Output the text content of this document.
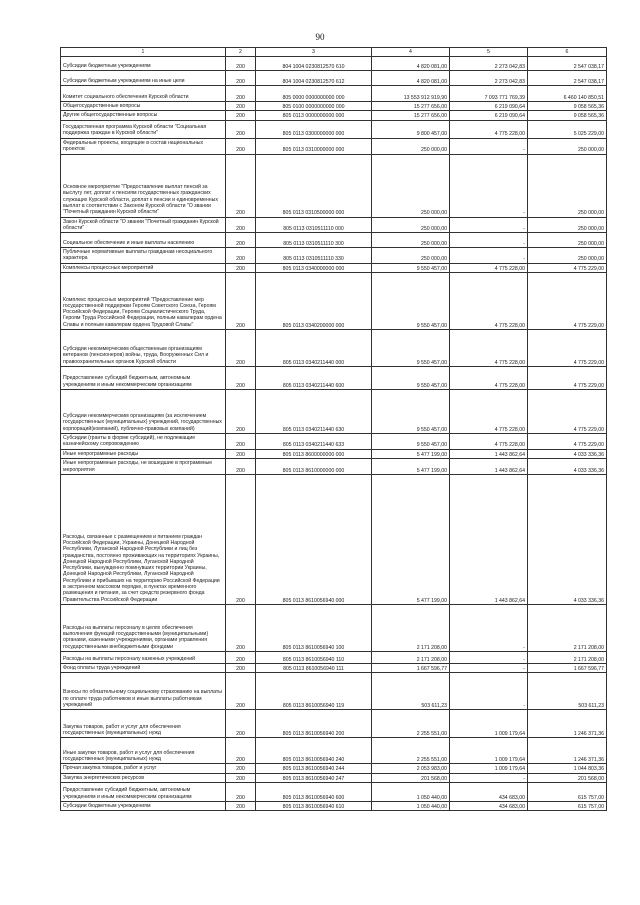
90
1	2	3	4	5	6
Субсидии бюджетным учреждениям	200	804 1004 0230812570 610	4 820 081,00	2 273 042,83	2 547 038,17
Субсидии бюджетным учреждениям на иные цели	200	804 1004 0230812570 612	4 820 081,00	2 273 042,83	2 547 038,17
Комитет социального обеспечения Курской области	200	805 0000 0000000000 000	13 553 912 919,90	7 093 771 769,39	6 460 140 850,51
Общегосударственные вопросы	200	805 0100 0000000000 000	15 277 656,00	6 219 090,64	9 058 565,36
Другие общегосударственные вопросы	200	805 0113 0000000000 000	15 277 656,00	6 219 090,64	9 058 565,36
Государственная программа Курской области "Социальная поддержка граждан в Курской области"	200	805 0113 0300000000 000	9 800 457,00	4 775 228,00	5 025 229,00
Федеральные проекты, входящие в состав национальных проектов	200	805 0113 0310000000 000	250 000,00	-	250 000,00
Основное мероприятие "Предоставление выплат пенсий за выслугу лет, доплат к пенсиям государственных гражданских служащих Курской области, доплат к пенсии и единовременных выплат в соответствии с Законом Курской области "О звании "Почетный гражданин Курской области"	200	805 0113 0310500000 000	250 000,00	-	250 000,00
Закон Курской области "О звании "Почетный гражданин Курской области"	200	805 0113 0310511110 000	250 000,00	-	250 000,00
Социальное обеспечение и иные выплаты населению	200	805 0113 0310511110 300	250 000,00	-	250 000,00
Публичные нормативные выплаты гражданам несоциального характера	200	805 0113 0310511110 330	250 000,00	-	250 000,00
Комплексы процессных мероприятий	200	805 0113 0340000000 000	9 550 457,00	4 775 228,00	4 775 229,00
Комплекс процессных мероприятий "Предоставление мер государственной поддержки Героям Советского Союза, Героям Российской Федерации, Героям Социалистического Труда, Героям Труда Российской Федерации, полным кавалерам ордена Славы и полным кавалерам ордена Трудовой Славы"	200	805 0113 0340200000 000	9 550 457,00	4 775 228,00	4 775 229,00
Субсидии некоммерческим общественным организациям ветеранов (пенсионеров) войны, труда, Вооруженных Сил и правоохранительных органов Курской области	200	805 0113 0340211440 000	9 550 457,00	4 775 228,00	4 775 229,00
Предоставление субсидий бюджетным, автономным учреждениям и иным некоммерческим организациям	200	805 0113 0340211440 600	9 550 457,00	4 775 228,00	4 775 229,00
Субсидии некоммерческим организациям (за исключением государственных (муниципальных) учреждений, государственных корпораций(компаний), публично-правовых компаний)	200	805 0113 0340211440 630	9 550 457,00	4 775 228,00	4 775 229,00
Субсидии (гранты в форме субсидий), не подлежащие казначейскому сопровождению	200	805 0113 0340211440 633	9 550 457,00	4 775 228,00	4 775 229,00
Иные непрограммные расходы	200	805 0113 8600000000 000	5 477 199,00	1 443 862,64	4 033 336,36
Иные непрограммные расходы, не вошедшие в программные мероприятия	200	805 0113 8610000000 000	5 477 199,00	1 443 862,64	4 033 336,36
Расходы, связанные с размещением и питанием граждан Российской Федерации, Украины, Донецкой Народной Республики, Луганской Народной Республики и лиц без гражданства, постоянно проживающих на территориях Украины, Донецкой Народной Республики, Луганской Народной Республики, вынужденно покинувших территории Украины, Донецкой Народной Республики, Луганской Народной Республики и прибывших на территорию Российской Федерации в экстренном массовом порядке, в пунктах временного размещения и питания, за счет средств резервного фонда Правительства Российской Федерации	200	805 0113 8610056940 000	5 477 199,00	1 443 862,64	4 033 336,36
Расходы на выплаты персоналу в целях обеспечения выполнения функций государственными (муниципальными) органами, казенными учреждениями, органами управления государственными внебюджетными фондами	200	805 0113 8610056940 100	2 171 208,00	-	2 171 208,00
Расходы на выплаты персоналу казенных учреждений	200	805 0113 8610056940 110	2 171 208,00	-	2 171 208,00
Фонд оплаты труда учреждений	200	805 0113 8610056940 111	1 667 596,77	-	1 667 596,77
Взносы по обязательному социальному страхованию на выплаты по оплате труда работников и иные выплаты работникам учреждений	200	805 0113 8610056940 119	503 611,23	-	503 611,23
Закупка товаров, работ и услуг для обеспечения государственных (муниципальных) нужд	200	805 0113 8610056940 200	2 255 551,00	1 009 179,64	1 246 371,36
Иные закупки товаров, работ и услуг для обеспечения государственных (муниципальных) нужд	200	805 0113 8610056940 240	2 255 551,00	1 009 179,64	1 246 371,36
Прочая закупка товаров, работ и услуг	200	805 0113 8610056940 244	2 053 983,00	1 009 179,64	1 044 803,36
Закупка энергетических ресурсов	200	805 0113 8610056940 247	201 568,00	-	201 568,00
Предоставление субсидий бюджетным, автономным учреждениям и иным некоммерческим организациям	200	805 0113 8610056940 600	1 050 440,00	434 683,00	615 757,00
Субсидии бюджетным учреждениям	200	805 0113 8610056940 610	1 050 440,00	434 683,00	615 757,00
